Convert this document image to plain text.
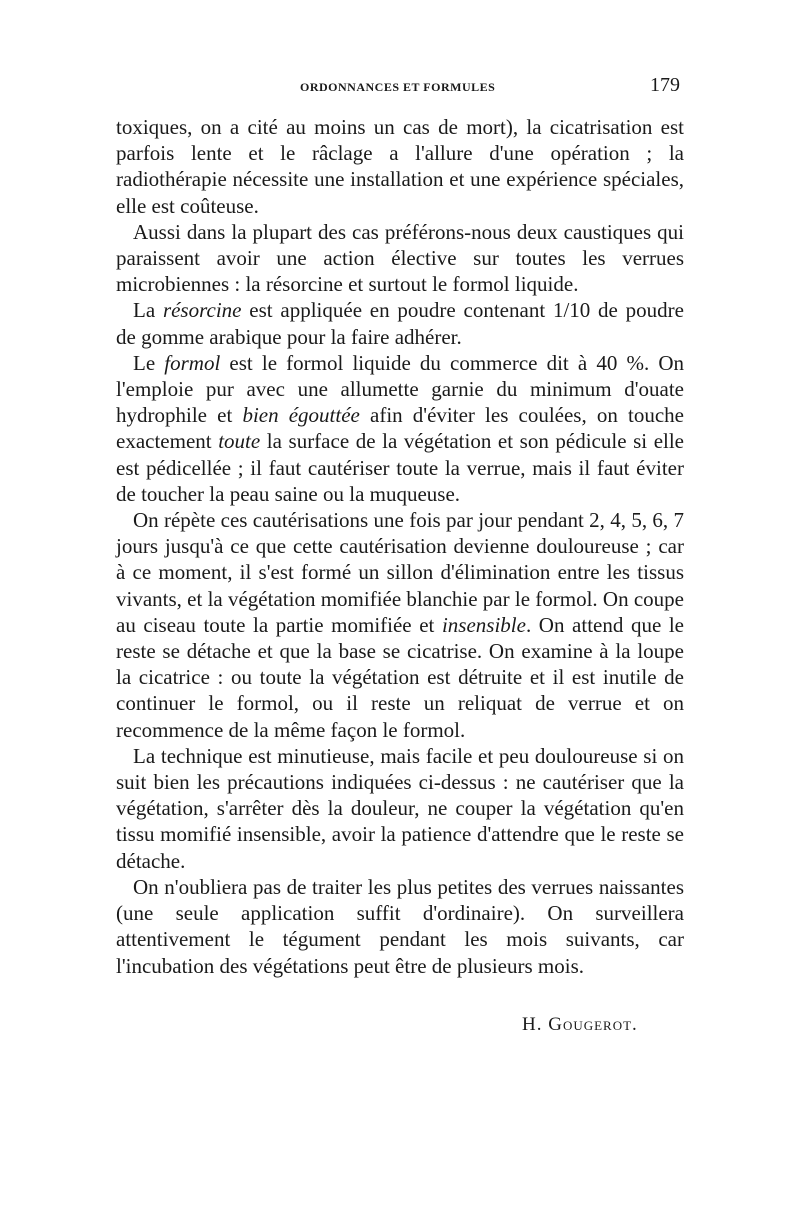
ORDONNANCES ET FORMULES	179

toxiques, on a cité au moins un cas de mort), la cicatrisation est parfois lente et le râclage a l'allure d'une opération ; la radiothérapie nécessite une installation et une expérience spéciales, elle est coûteuse.

Aussi dans la plupart des cas préférons-nous deux caustiques qui paraissent avoir une action élective sur toutes les verrues microbiennes : la résorcine et surtout le formol liquide.

La résorcine est appliquée en poudre contenant 1/10 de poudre de gomme arabique pour la faire adhérer.

Le formol est le formol liquide du commerce dit à 40 %. On l'emploie pur avec une allumette garnie du minimum d'ouate hydrophile et bien égouttée afin d'éviter les coulées, on touche exactement toute la surface de la végétation et son pédicule si elle est pédicellée ; il faut cautériser toute la verrue, mais il faut éviter de toucher la peau saine ou la muqueuse.

On répète ces cautérisations une fois par jour pendant 2, 4, 5, 6, 7 jours jusqu'à ce que cette cautérisation devienne douloureuse ; car à ce moment, il s'est formé un sillon d'élimination entre les tissus vivants, et la végétation momifiée blanchie par le formol. On coupe au ciseau toute la partie momifiée et insensible. On attend que le reste se détache et que la base se cicatrise. On examine à la loupe la cicatrice : ou toute la végétation est détruite et il est inutile de continuer le formol, ou il reste un reliquat de verrue et on recommence de la même façon le formol.

La technique est minutieuse, mais facile et peu douloureuse si on suit bien les précautions indiquées ci-dessus : ne cautériser que la végétation, s'arrêter dès la douleur, ne couper la végétation qu'en tissu momifié insensible, avoir la patience d'attendre que le reste se détache.

On n'oubliera pas de traiter les plus petites des verrues naissantes (une seule application suffit d'ordinaire). On surveillera attentivement le tégument pendant les mois suivants, car l'incubation des végétations peut être de plusieurs mois.

H. Gougerot.
